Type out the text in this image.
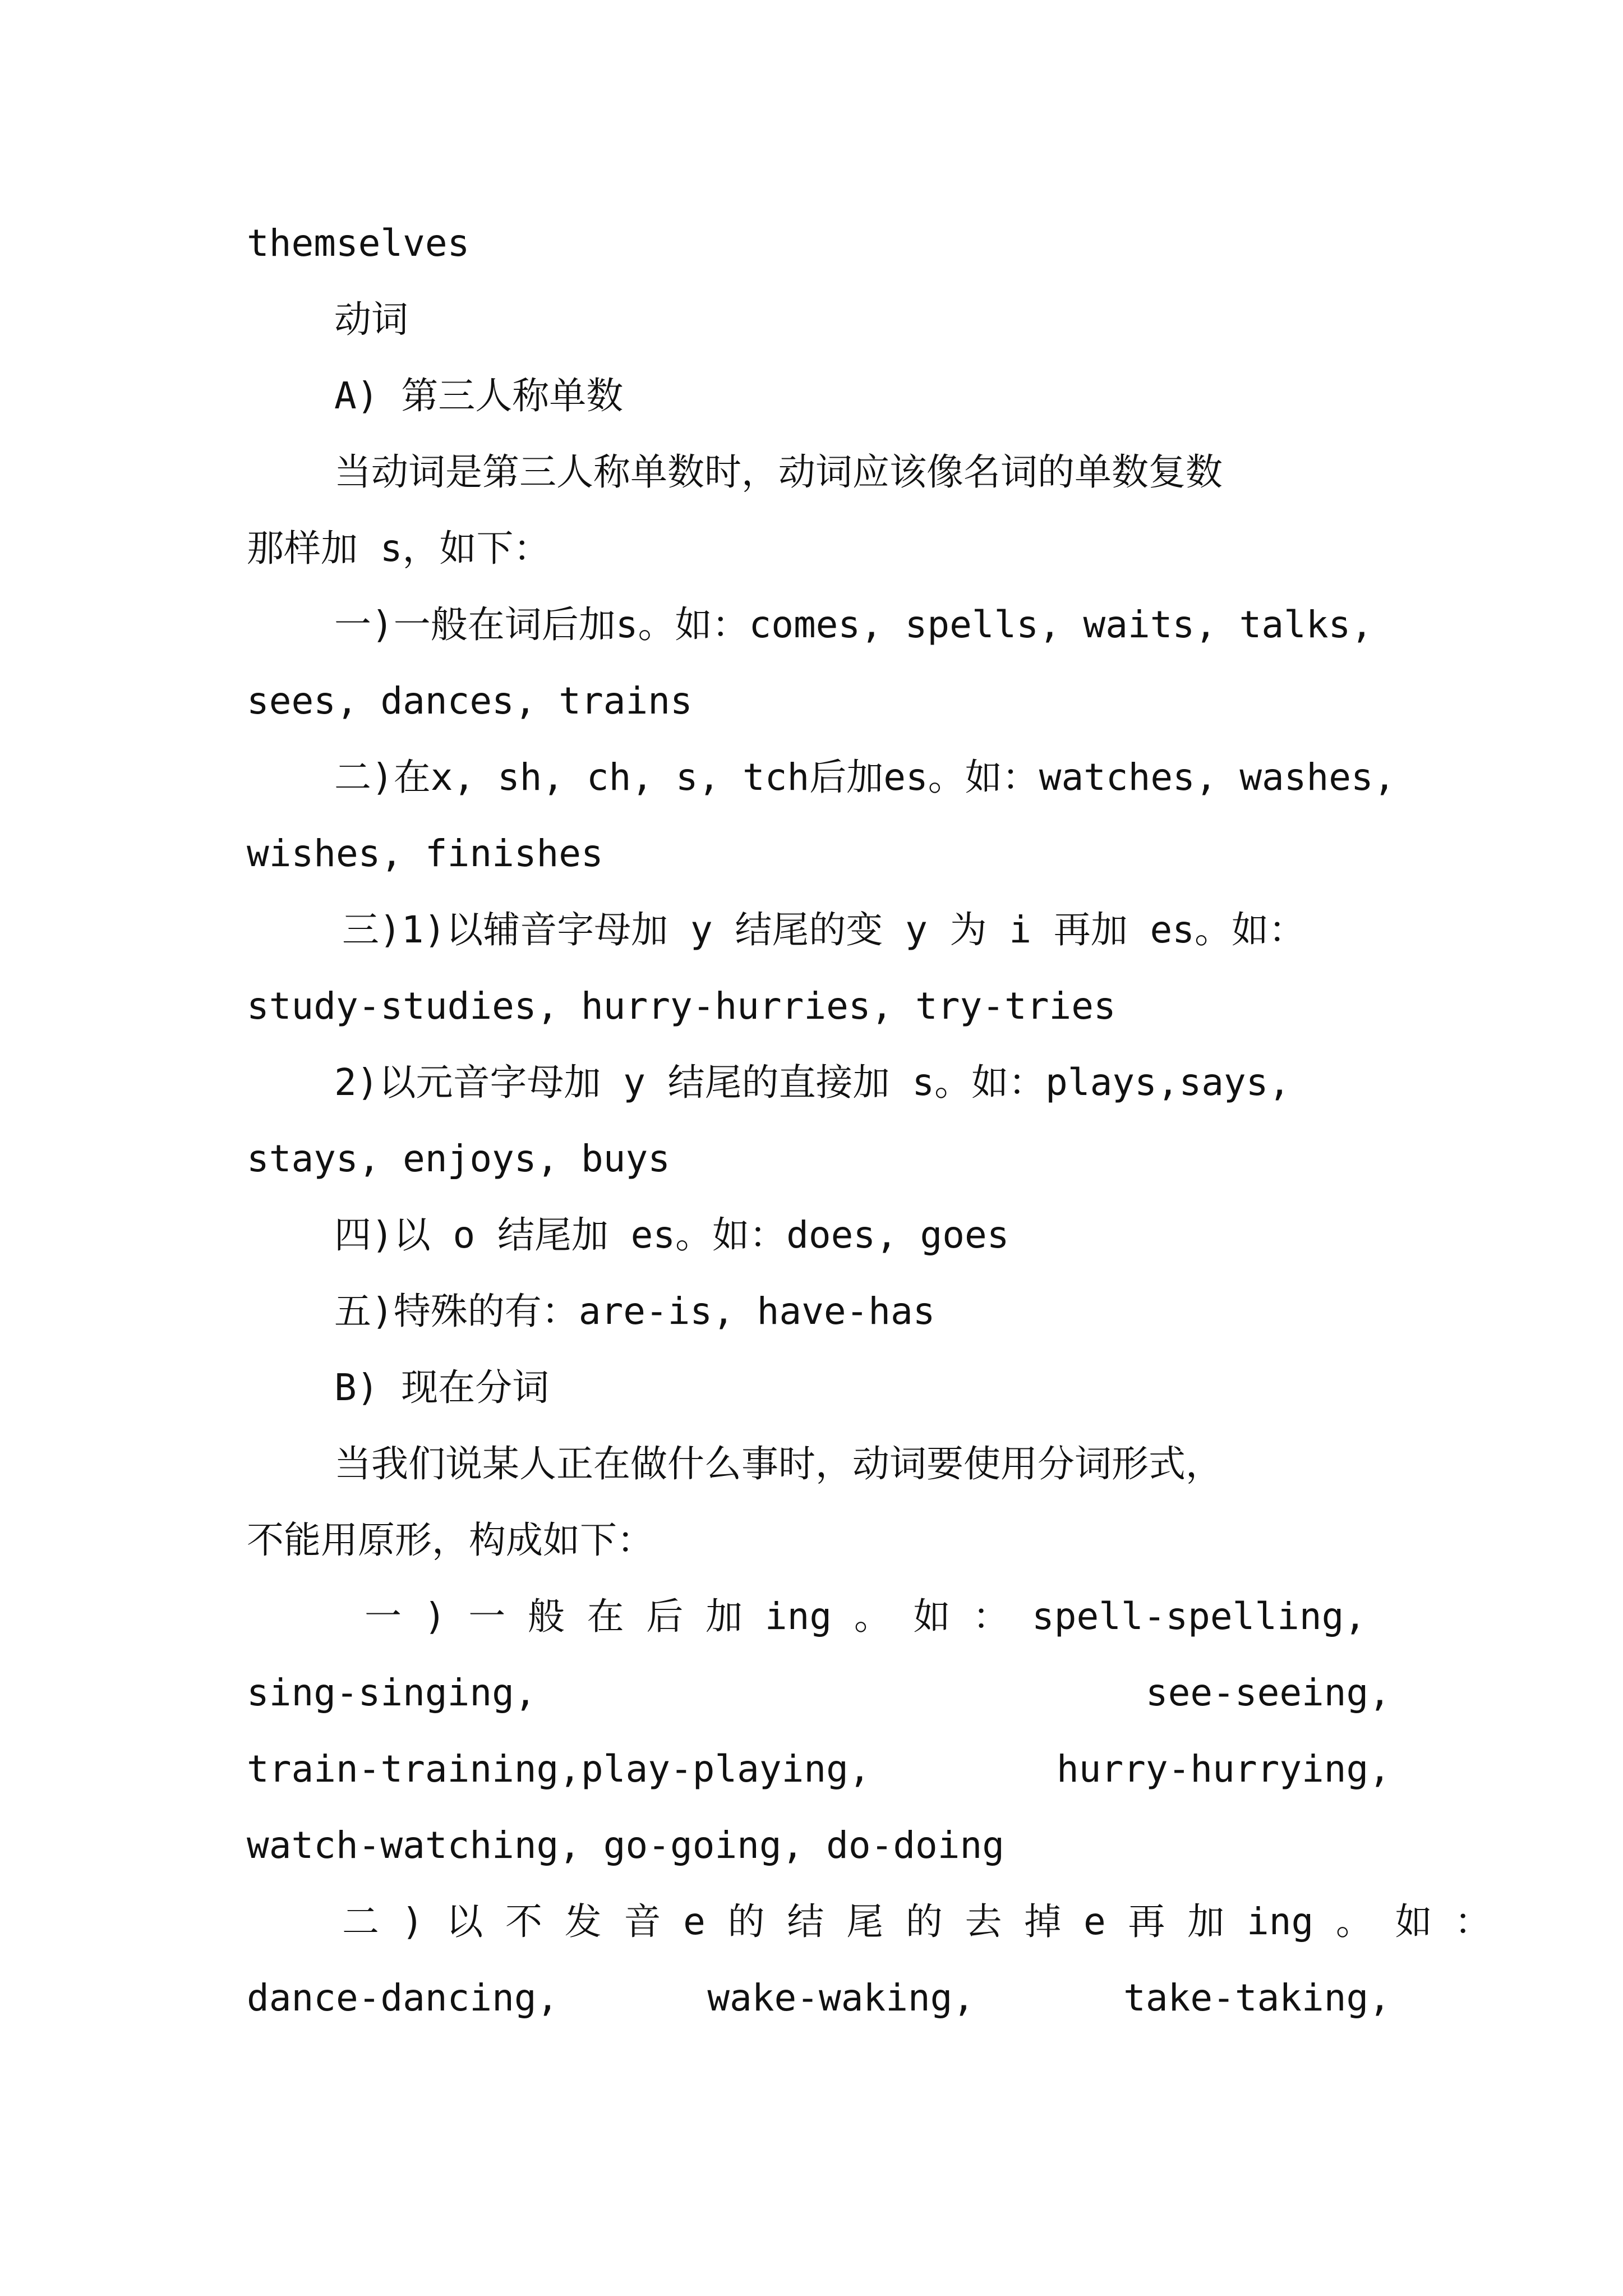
themselves
动词
A) 第三人称单数
当动词是第三人称单数时，动词应该像名词的单数复数
那样加 s，如下：
一)一般在词后加s。如：comes, spells, waits, talks,
sees, dances, trains
二)在x, sh, ch, s, tch后加es。如：watches, washes,
wishes, finishes
三)1)以辅音字母加 y 结尾的变 y 为 i 再加 es。如：
study-studies, hurry-hurries, try-tries
2)以元音字母加 y 结尾的直接加 s。如：plays,says,
stays, enjoys, buys
四)以 o 结尾加 es。如：does, goes
五)特殊的有：are-is, have-has
B) 现在分词
当我们说某人正在做什么事时，动词要使用分词形式，
不能用原形，构成如下：
一 ) 一 般 在 后 加 ing 。 如 ： spell-spelling,
sing-singing,	see-seeing,
train-training,play-playing,	hurry-hurrying,
watch-watching, go-going, do-doing
二 ) 以 不 发 音 e 的 结 尾 的 去 掉 e 再 加 ing 。 如 ：
dance-dancing,	wake-waking,	take-taking,
